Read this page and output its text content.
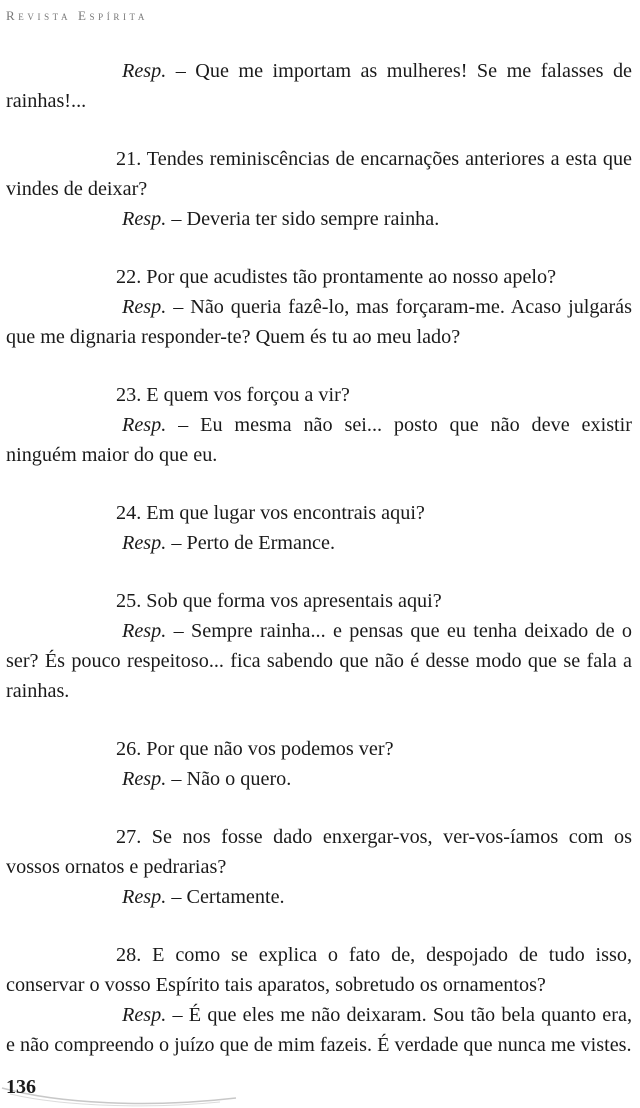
Revista Espírita

Resp. – Que me importam as mulheres! Se me falasses de rainhas!...

21. Tendes reminiscências de encarnações anteriores a esta que vindes de deixar?

Resp. – Deveria ter sido sempre rainha.

22. Por que acudistes tão prontamente ao nosso apelo?

Resp. – Não queria fazê-lo, mas forçaram-me. Acaso julgarás que me dignaria responder-te? Quem és tu ao meu lado?

23. E quem vos forçou a vir?

Resp. – Eu mesma não sei... posto que não deve existir ninguém maior do que eu.

24. Em que lugar vos encontrais aqui?

Resp. – Perto de Ermance.

25. Sob que forma vos apresentais aqui?

Resp. – Sempre rainha... e pensas que eu tenha deixado de o ser? És pouco respeitoso... fica sabendo que não é desse modo que se fala a rainhas.

26. Por que não vos podemos ver?

Resp. – Não o quero.

27. Se nos fosse dado enxergar-vos, ver-vos-íamos com os vossos ornatos e pedrarias?

Resp. – Certamente.

28. E como se explica o fato de, despojado de tudo isso, conservar o vosso Espírito tais aparatos, sobretudo os ornamentos?

Resp. – É que eles me não deixaram. Sou tão bela quanto era, e não compreendo o juízo que de mim fazeis. É verdade que nunca me vistes.

136
